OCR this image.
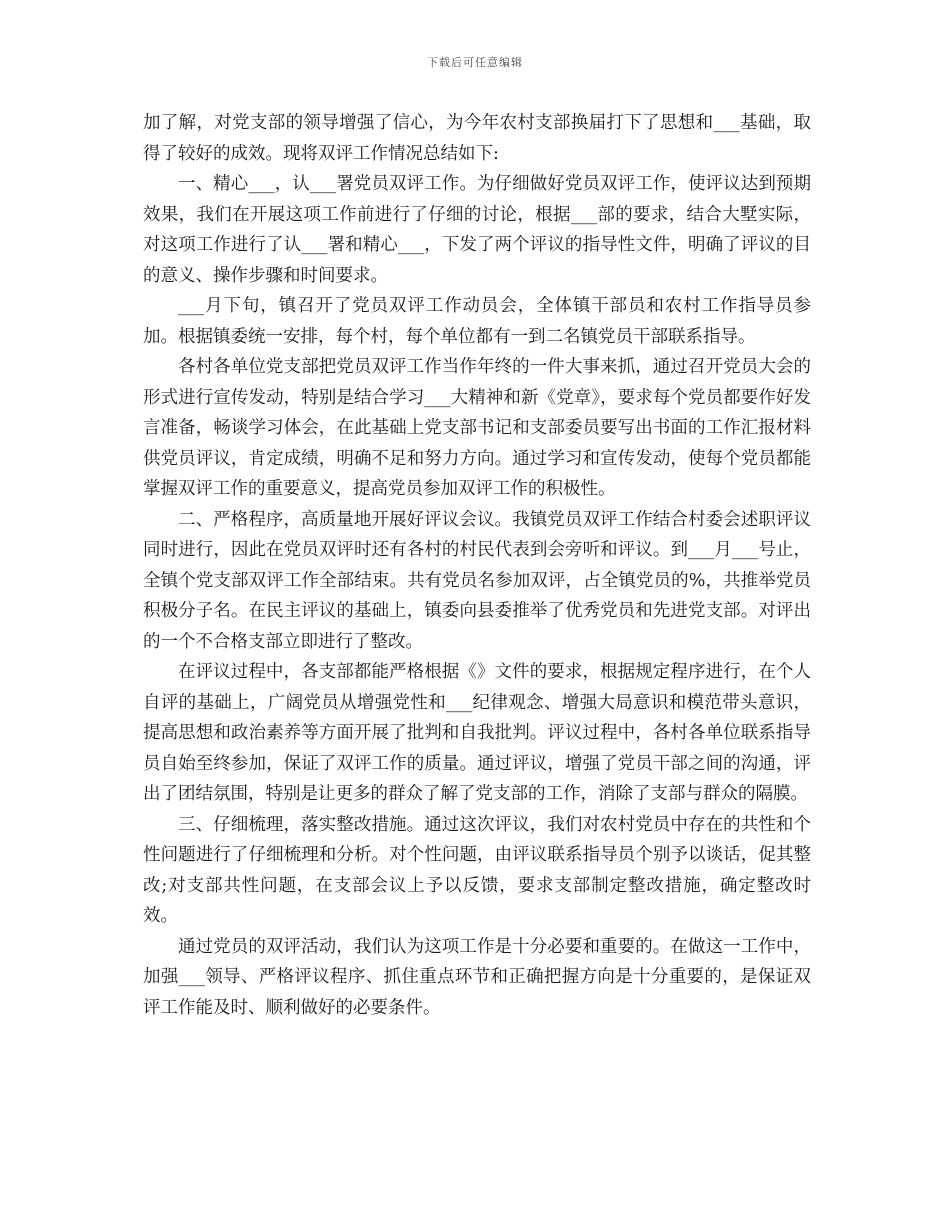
下载后可任意编辑

加了解，对党支部的领导增强了信心，为今年农村支部换届打下了思想和___基础，取得了较好的成效。现将双评工作情况总结如下:

一、精心___，认___署党员双评工作。为仔细做好党员双评工作，使评议达到预期效果，我们在开展这项工作前进行了仔细的讨论，根据___部的要求，结合大墅实际，对这项工作进行了认___署和精心___，下发了两个评议的指导性文件，明确了评议的目的意义、操作步骤和时间要求。

___月下旬，镇召开了党员双评工作动员会，全体镇干部员和农村工作指导员参加。根据镇委统一安排，每个村，每个单位都有一到二名镇党员干部联系指导。

各村各单位党支部把党员双评工作当作年终的一件大事来抓，通过召开党员大会的形式进行宣传发动，特别是结合学习___大精神和新《党章》，要求每个党员都要作好发言准备，畅谈学习体会，在此基础上党支部书记和支部委员要写出书面的工作汇报材料供党员评议，肯定成绩，明确不足和努力方向。通过学习和宣传发动，使每个党员都能掌握双评工作的重要意义，提高党员参加双评工作的积极性。

二、严格程序，高质量地开展好评议会议。我镇党员双评工作结合村委会述职评议同时进行，因此在党员双评时还有各村的村民代表到会旁听和评议。到___月___号止，全镇个党支部双评工作全部结束。共有党员名参加双评，占全镇党员的%，共推举党员积极分子名。在民主评议的基础上，镇委向县委推举了优秀党员和先进党支部。对评出的一个不合格支部立即进行了整改。

在评议过程中，各支部都能严格根据《》文件的要求，根据规定程序进行，在个人自评的基础上，广阔党员从增强党性和___纪律观念、增强大局意识和模范带头意识，提高思想和政治素养等方面开展了批判和自我批判。评议过程中，各村各单位联系指导员自始至终参加，保证了双评工作的质量。通过评议，增强了党员干部之间的沟通，评出了团结氛围，特别是让更多的群众了解了党支部的工作，消除了支部与群众的隔膜。

三、仔细梳理，落实整改措施。通过这次评议，我们对农村党员中存在的共性和个性问题进行了仔细梳理和分析。对个性问题，由评议联系指导员个别予以谈话，促其整改;对支部共性问题，在支部会议上予以反馈，要求支部制定整改措施，确定整改时效。

通过党员的双评活动，我们认为这项工作是十分必要和重要的。在做这一工作中，加强___领导、严格评议程序、抓住重点环节和正确把握方向是十分重要的，是保证双评工作能及时、顺利做好的必要条件。
